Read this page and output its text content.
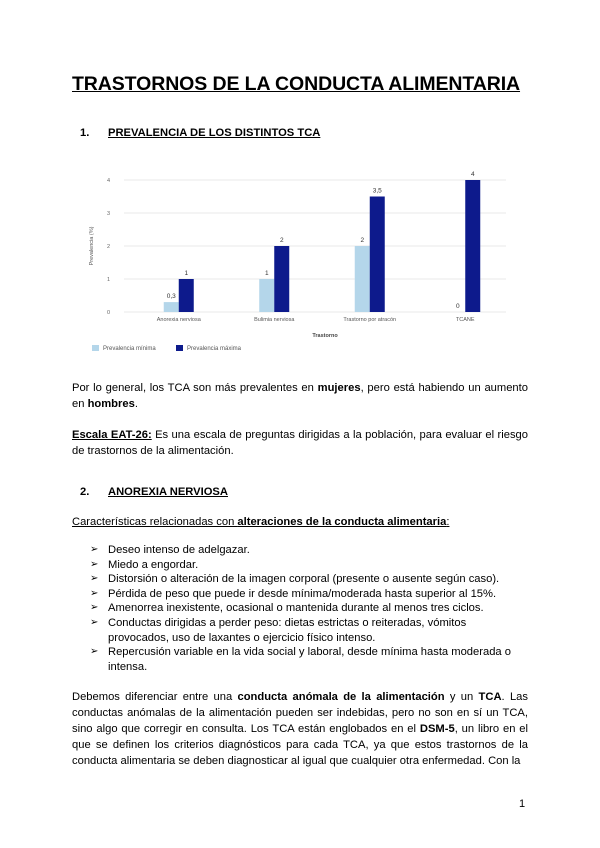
TRASTORNOS DE LA CONDUCTA ALIMENTARIA

1. PREVALENCIA DE LOS DISTINTOS TCA

0
1
2
3
4
Prevalencia (%)
0,3
1
Anorexia nerviosa
1
2
Bulimia nerviosa
2
3,5
Trastorno por atracón
0
4
TCANE
Trastorno
Prevalencia mínima	Prevalencia máxima

Por lo general, los TCA son más prevalentes en mujeres, pero está habiendo un aumento en hombres.

Escala EAT-26: Es una escala de preguntas dirigidas a la población, para evaluar el riesgo de trastornos de la alimentación.

2. ANOREXIA NERVIOSA

Características relacionadas con alteraciones de la conducta alimentaria:

➢ Deseo intenso de adelgazar.
➢ Miedo a engordar.
➢ Distorsión o alteración de la imagen corporal (presente o ausente según caso).
➢ Pérdida de peso que puede ir desde mínima/moderada hasta superior al 15%.
➢ Amenorrea inexistente, ocasional o mantenida durante al menos tres ciclos.
➢ Conductas dirigidas a perder peso: dietas estrictas o reiteradas, vómitos provocados, uso de laxantes o ejercicio físico intenso.
➢ Repercusión variable en la vida social y laboral, desde mínima hasta moderada o intensa.

Debemos diferenciar entre una conducta anómala de la alimentación y un TCA. Las conductas anómalas de la alimentación pueden ser indebidas, pero no son en sí un TCA, sino algo que corregir en consulta. Los TCA están englobados en el DSM-5, un libro en el que se definen los criterios diagnósticos para cada TCA, ya que estos trastornos de la conducta alimentaria se deben diagnosticar al igual que cualquier otra enfermedad. Con la

1
